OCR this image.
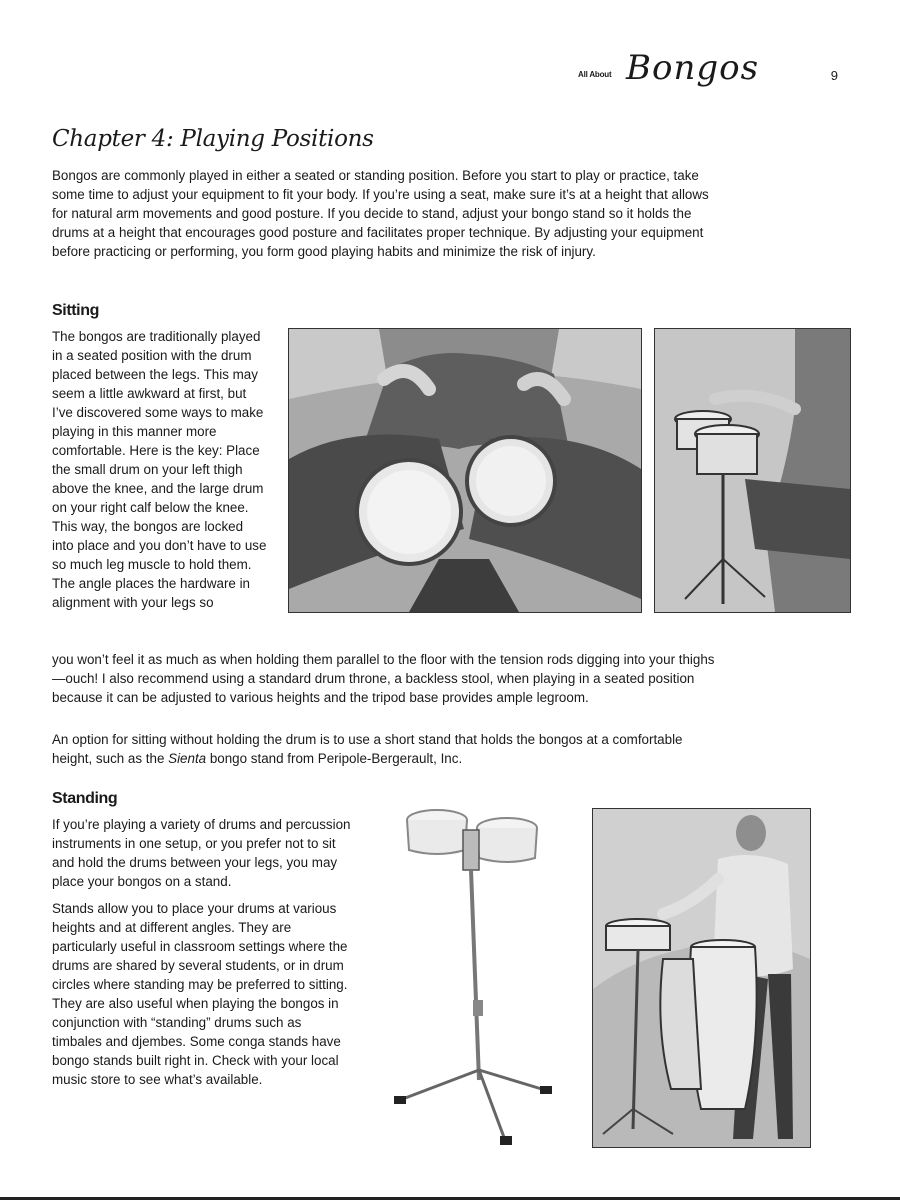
All About Bongos	9
Chapter 4: Playing Positions

Bongos are commonly played in either a seated or standing position. Before you start to play or practice, take some time to adjust your equipment to fit your body. If you’re using a seat, make sure it’s at a height that allows for natural arm movements and good posture. If you decide to stand, adjust your bongo stand so it holds the drums at a height that encourages good posture and facilitates proper technique. By adjusting your equipment before practicing or performing, you form good playing habits and minimize the risk of injury.

Sitting

The bongos are traditionally played in a seated position with the drum placed between the legs. This may seem a little awkward at first, but I’ve discovered some ways to make playing in this manner more comfortable. Here is the key: Place the small drum on your left thigh above the knee, and the large drum on your right calf below the knee. This way, the bongos are locked into place and you don’t have to use so much leg muscle to hold them. The angle places the hardware in alignment with your legs so

you won’t feel it as much as when holding them parallel to the floor with the tension rods digging into your thighs—ouch! I also recommend using a standard drum throne, a backless stool, when playing in a seated position because it can be adjusted to various heights and the tripod base provides ample legroom.

An option for sitting without holding the drum is to use a short stand that holds the bongos at a comfortable height, such as the Sienta bongo stand from Peripole-Bergerault, Inc.

Standing

If you’re playing a variety of drums and percussion instruments in one setup, or you prefer not to sit and hold the drums between your legs, you may place your bongos on a stand.

Stands allow you to place your drums at various heights and at different angles. They are particularly useful in classroom settings where the drums are shared by several students, or in drum circles where standing may be preferred to sitting. They are also useful when playing the bongos in conjunction with “standing” drums such as timbales and djembes. Some conga stands have bongo stands built right in. Check with your local music store to see what’s available.
